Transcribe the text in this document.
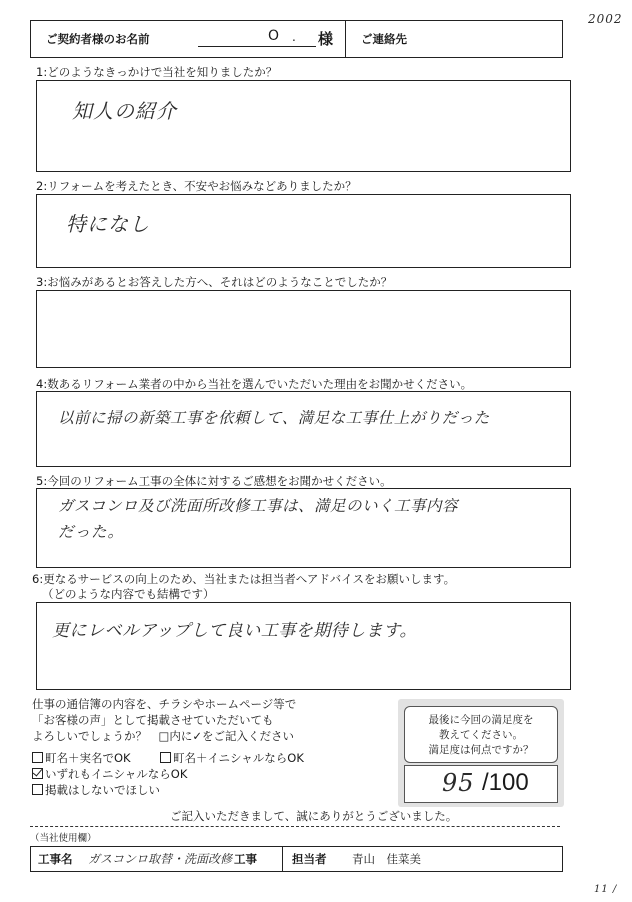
2002
ご契約者様のお名前	O . 様 ご連絡先
1:どのようなきっかけで当社を知りましたか？
知人の紹介
2:リフォームを考えたとき、不安やお悩みなどありましたか？
特になし
3:お悩みがあるとお答えした方へ、それはどのようなことでしたか？
4:数あるリフォーム業者の中から当社を選んでいただいた理由をお聞かせください。
以前に掃の新築工事を依頼して、満足な工事仕上がりだった
5:今回のリフォーム工事の全体に対するご感想をお聞かせください。
ガスコンロ及び洗面所改修工事は、満足のいく工事内容
だった。
6:更なるサービスの向上のため、当社または担当者へアドバイスをお願いします。
（どのような内容でも結構です）
更にレベルアップして良い工事を期待します。
仕事の通信簿の内容を、チラシやホームページ等で
「お客様の声」として掲載させていただいても
よろしいでしょうか？　□内に✓をご記入ください
町名＋実名でOK	町名＋イニシャルならOK
いずれもイニシャルならOK
掲載はしないでほしい
最後に今回の満足度を
教えてください。
満足度は何点ですか？
95 /100
ご記入いただきまして、誠にありがとうございました。
（当社使用欄）
工事名 ガスコンロ取替・洗面改修 工事	担当者 青山　佳菜美
11 /
